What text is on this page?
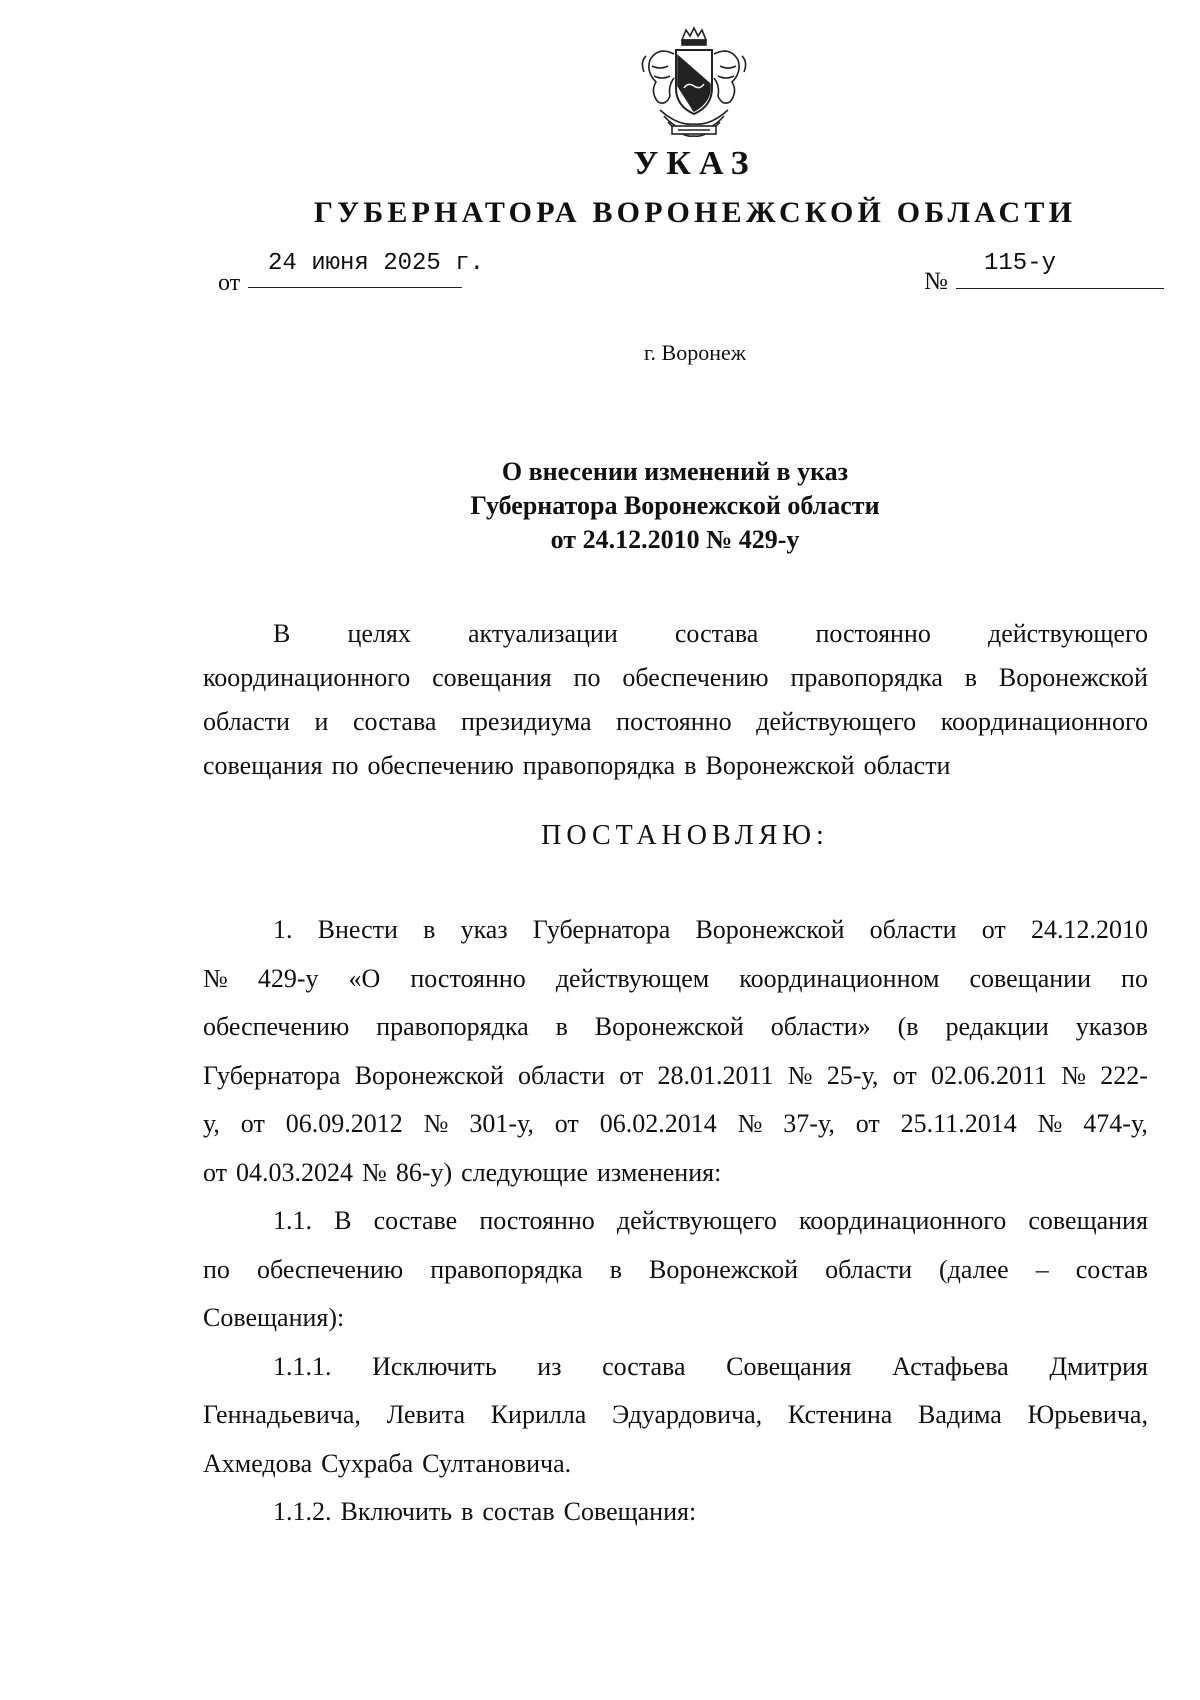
УКАЗ
ГУБЕРНАТОРА ВОРОНЕЖСКОЙ ОБЛАСТИ
от
24 июня 2025 г.
№
115-у
г. Воронеж
О внесении изменений в указ
Губернатора Воронежской области
от 24.12.2010 № 429-у
В целях актуализации состава постоянно действующего
координационного совещания по обеспечению правопорядка в Воронежской
области и состава президиума постоянно действующего координационного
совещания по обеспечению правопорядка в Воронежской области
ПОСТАНОВЛЯЮ:
1. Внести в указ Губернатора Воронежской области от 24.12.2010
№ 429-у «О постоянно действующем координационном совещании по
обеспечению правопорядка в Воронежской области» (в редакции указов
Губернатора Воронежской области от 28.01.2011 № 25-у, от 02.06.2011 № 222-
у, от 06.09.2012 № 301-у, от 06.02.2014 № 37-у, от 25.11.2014 № 474-у,
от 04.03.2024 № 86-у) следующие изменения:
1.1. В составе постоянно действующего координационного совещания
по обеспечению правопорядка в Воронежской области (далее – состав
Совещания):
1.1.1. Исключить из состава Совещания Астафьева Дмитрия
Геннадьевича, Левита Кирилла Эдуардовича, Кстенина Вадима Юрьевича,
Ахмедова Сухраба Султановича.
1.1.2. Включить в состав Совещания:
